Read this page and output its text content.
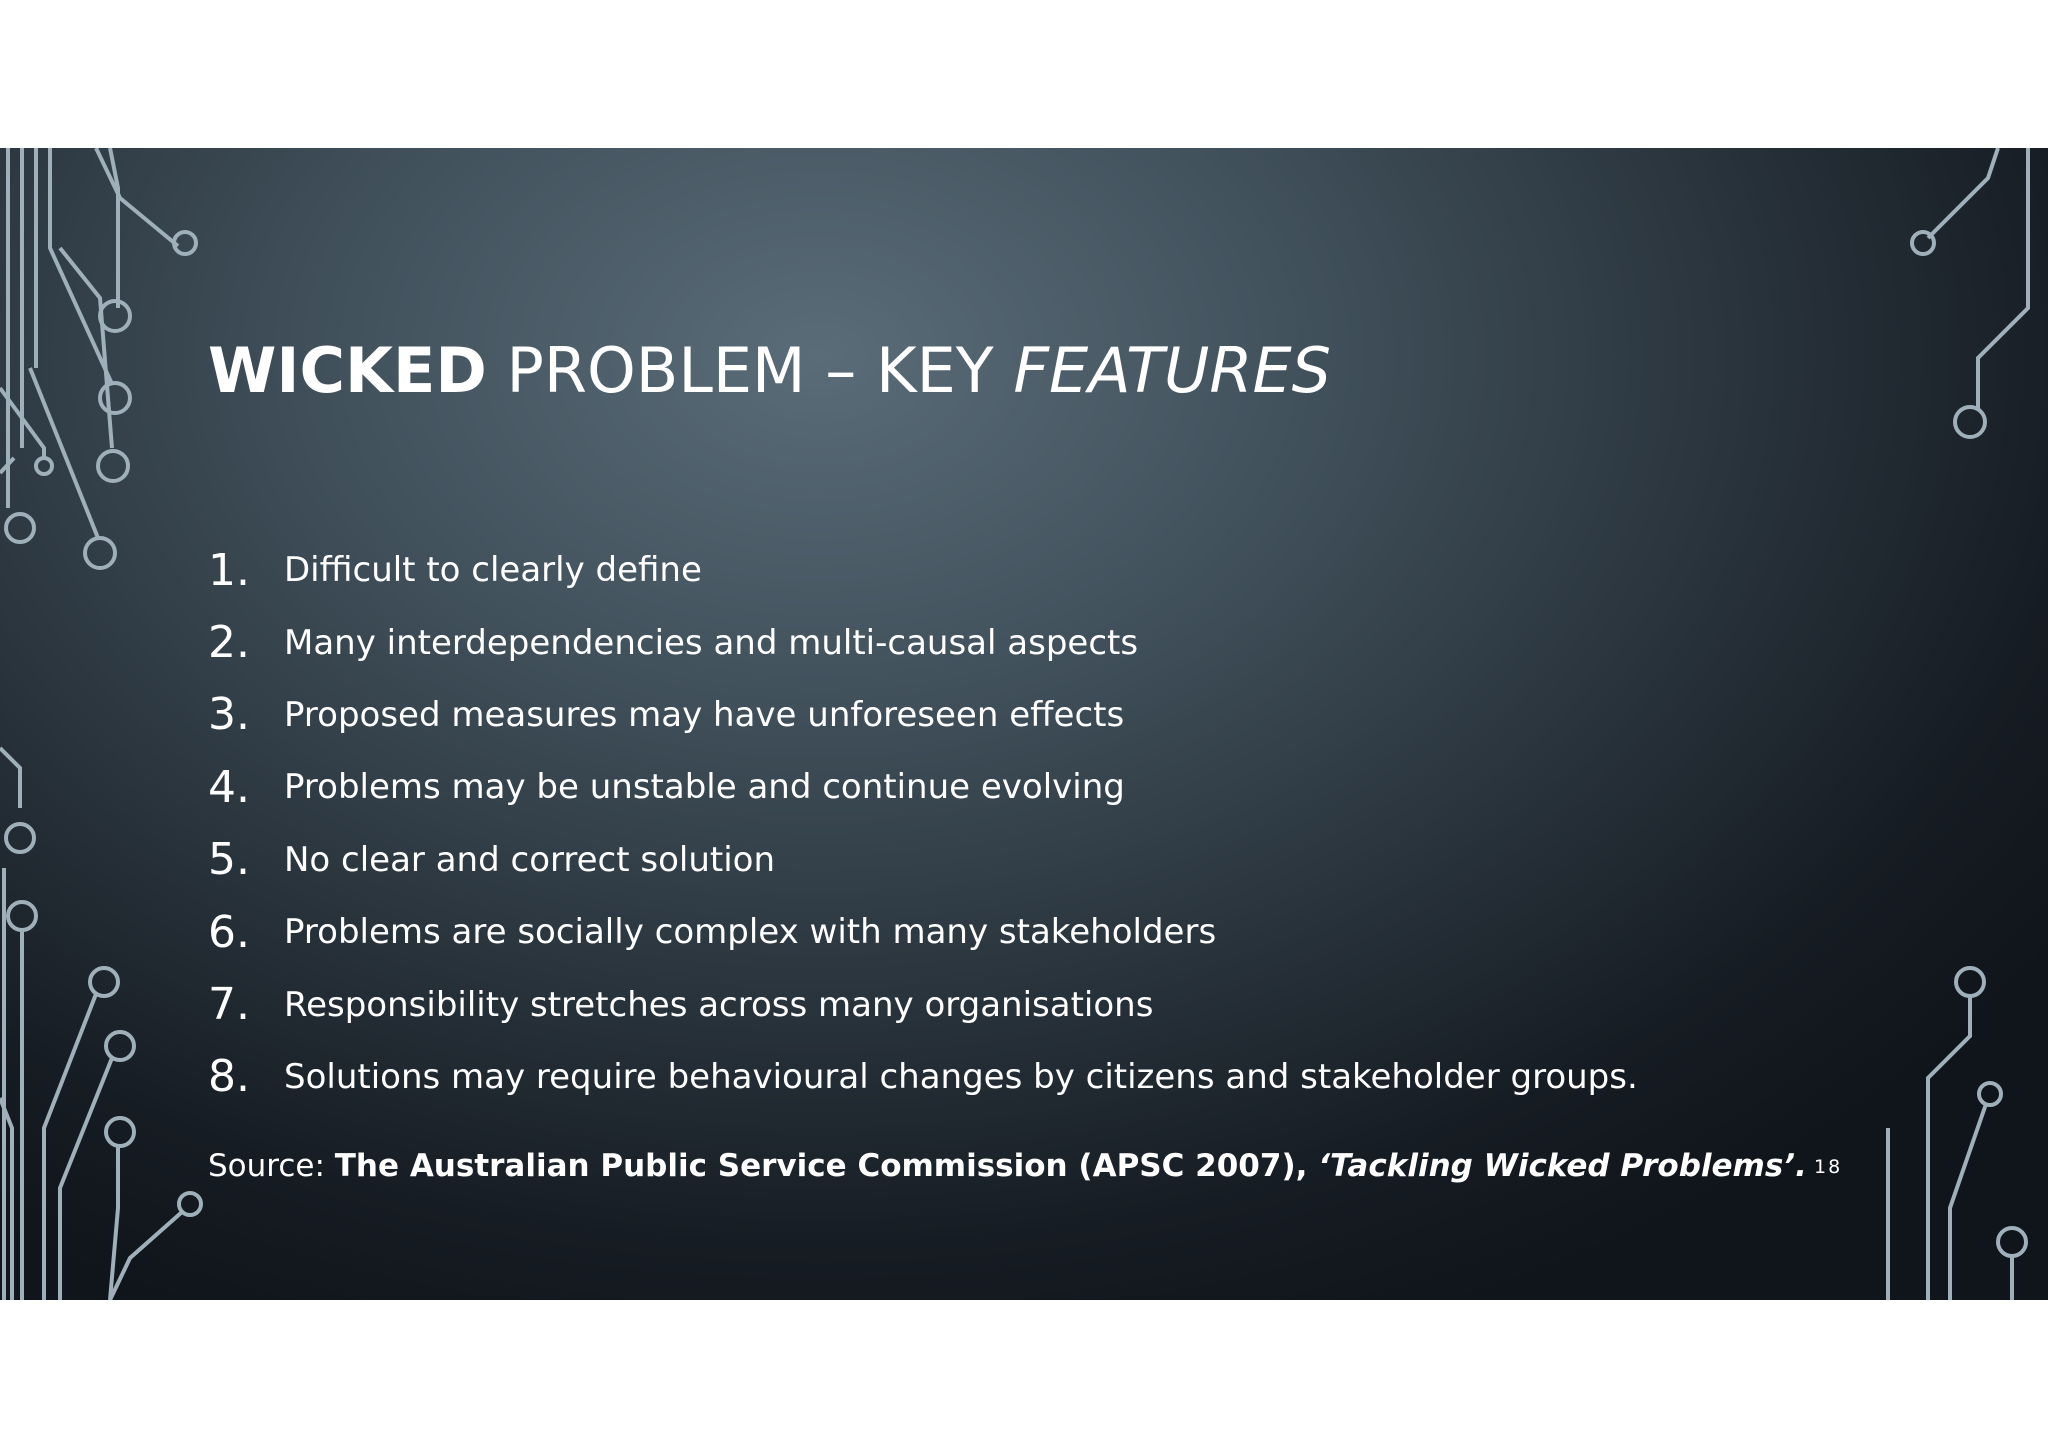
WICKED PROBLEM – KEY FEATURES
1.	Difficult to clearly define
2.	Many interdependencies and multi-causal aspects
3.	Proposed measures may have unforeseen effects
4.	Problems may be unstable and continue evolving
5.	No clear and correct solution
6.	Problems are socially complex with many stakeholders
7.	Responsibility stretches across many organisations
8.	Solutions may require behavioural changes by citizens and stakeholder groups.
Source: The Australian Public Service Commission (APSC 2007), ‘Tackling Wicked Problems’. 18
